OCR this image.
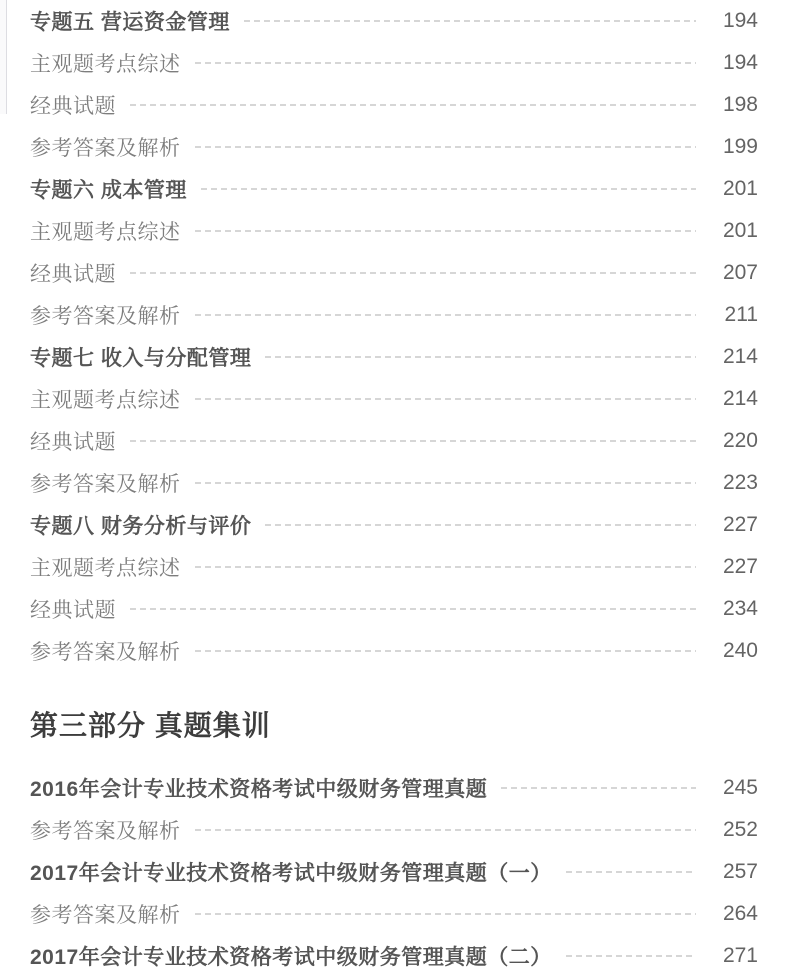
专题五 营运资金管理	194
主观题考点综述	194
经典试题	198
参考答案及解析	199
专题六 成本管理	201
主观题考点综述	201
经典试题	207
参考答案及解析	211
专题七 收入与分配管理	214
主观题考点综述	214
经典试题	220
参考答案及解析	223
专题八 财务分析与评价	227
主观题考点综述	227
经典试题	234
参考答案及解析	240
第三部分 真题集训
2016年会计专业技术资格考试中级财务管理真题	245
参考答案及解析	252
2017年会计专业技术资格考试中级财务管理真题（一）	257
参考答案及解析	264
2017年会计专业技术资格考试中级财务管理真题（二）	271
